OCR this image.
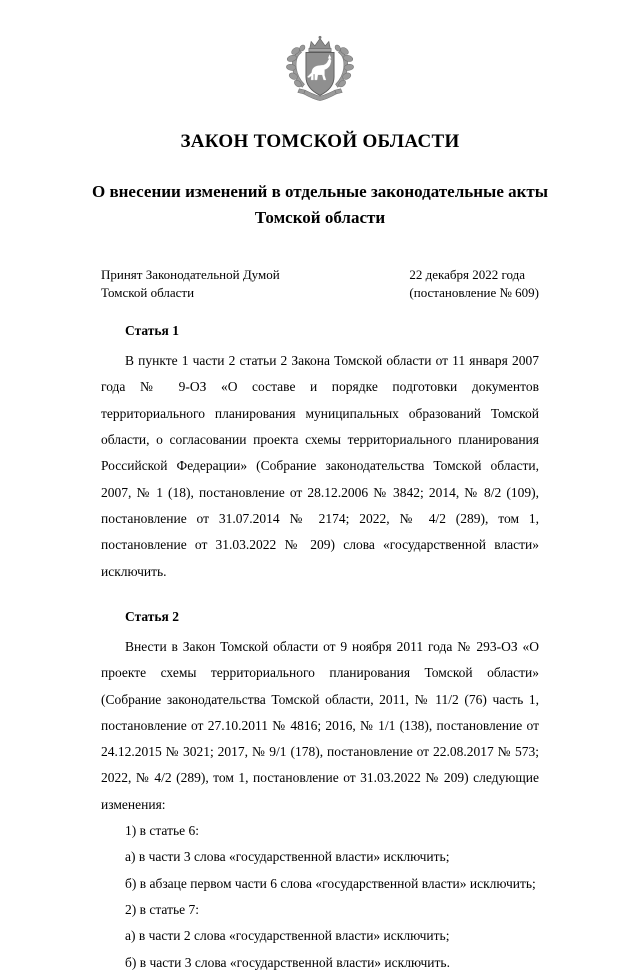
ЗАКОН ТОМСКОЙ ОБЛАСТИ
О внесении изменений в отдельные законодательные акты Томской области
Принят Законодательной Думой
Томской области
22 декабря 2022 года
(постановление № 609)
Статья 1

В пункте 1 части 2 статьи 2 Закона Томской области от 11 января 2007 года № 9-ОЗ «О составе и порядке подготовки документов территориального планирования муниципальных образований Томской области, о согласовании проекта схемы территориального планирования Российской Федерации» (Собрание законодательства Томской области, 2007, № 1 (18), постановление от 28.12.2006 № 3842; 2014, № 8/2 (109), постановление от 31.07.2014 № 2174; 2022, № 4/2 (289), том 1, постановление от 31.03.2022 № 209) слова «государственной власти» исключить.

Статья 2

Внести в Закон Томской области от 9 ноября 2011 года № 293-ОЗ «О проекте схемы территориального планирования Томской области» (Собрание законодательства Томской области, 2011, № 11/2 (76) часть 1, постановление от 27.10.2011 № 4816; 2016, № 1/1 (138), постановление от 24.12.2015 № 3021; 2017, № 9/1 (178), постановление от 22.08.2017 № 573; 2022, № 4/2 (289), том 1, постановление от 31.03.2022 № 209) следующие изменения:

1) в статье 6:

а) в части 3 слова «государственной власти» исключить;

б) в абзаце первом части 6 слова «государственной власти» исключить;

2) в статье 7:

а) в части 2 слова «государственной власти» исключить;

б) в части 3 слова «государственной власти» исключить.
